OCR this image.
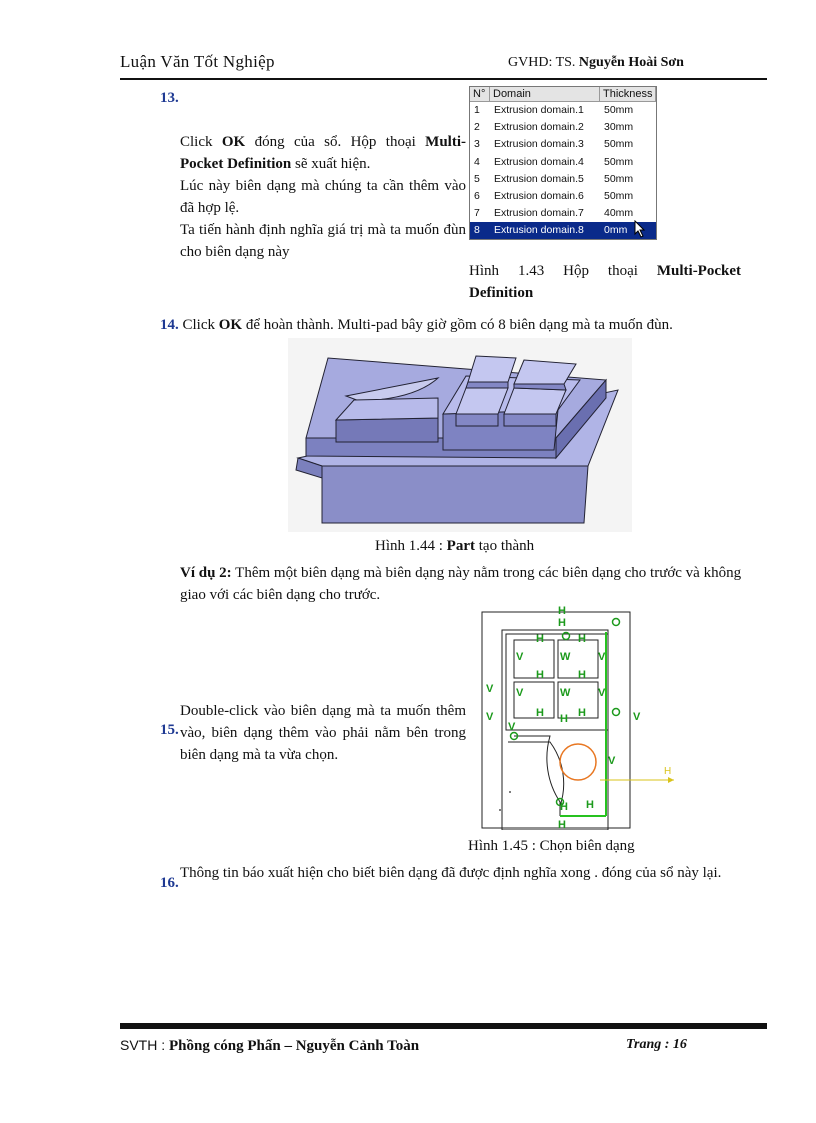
Luận Văn Tốt Nghiệp	GVHD: TS. Nguyễn Hoài Sơn
13.
Click OK đóng của sổ. Hộp thoại Multi-
Pocket Definition sẽ xuất hiện.
Lúc này biên dạng mà chúng ta cần thêm vào đã hợp lệ.
Ta tiến hành định nghĩa giá trị mà ta muốn đùn cho biên dạng này
N° Domain	Thickness
1	Extrusion domain.1	50mm
2	Extrusion domain.2	30mm
3	Extrusion domain.3	50mm
4	Extrusion domain.4	50mm
5	Extrusion domain.5	50mm
6	Extrusion domain.6	50mm
7	Extrusion domain.7	40mm
8	Extrusion domain.8	0mm
Hình 1.43 Hộp thoại Multi-Pocket
Definition
14. Click OK để hoàn thành. Multi-pad bây giờ gồm có 8 biên dạng mà ta muốn đùn.
Hình 1.44 : Part tạo thành
Ví dụ 2: Thêm một biên dạng mà biên dạng này nằm trong các biên dạng cho trước và không giao với các biên dạng cho trước.
15.
Double-click vào biên dạng mà ta muốn thêm vào, biên dạng thêm vào phải nằm bên trong biên dạng mà ta vừa chọn.
H
H
H
H	H
V	W	V
H	H
V V	W	V
H	H
V	V
H
V
V
H H
H
Hình 1.45 : Chọn biên dạng
16.
Thông tin báo xuất hiện cho biết biên dạng đã được định nghĩa xong . đóng của sổ này lại.
SVTH : Phồng cóng Phấn – Nguyễn Cảnh Toàn	Trang : 16
